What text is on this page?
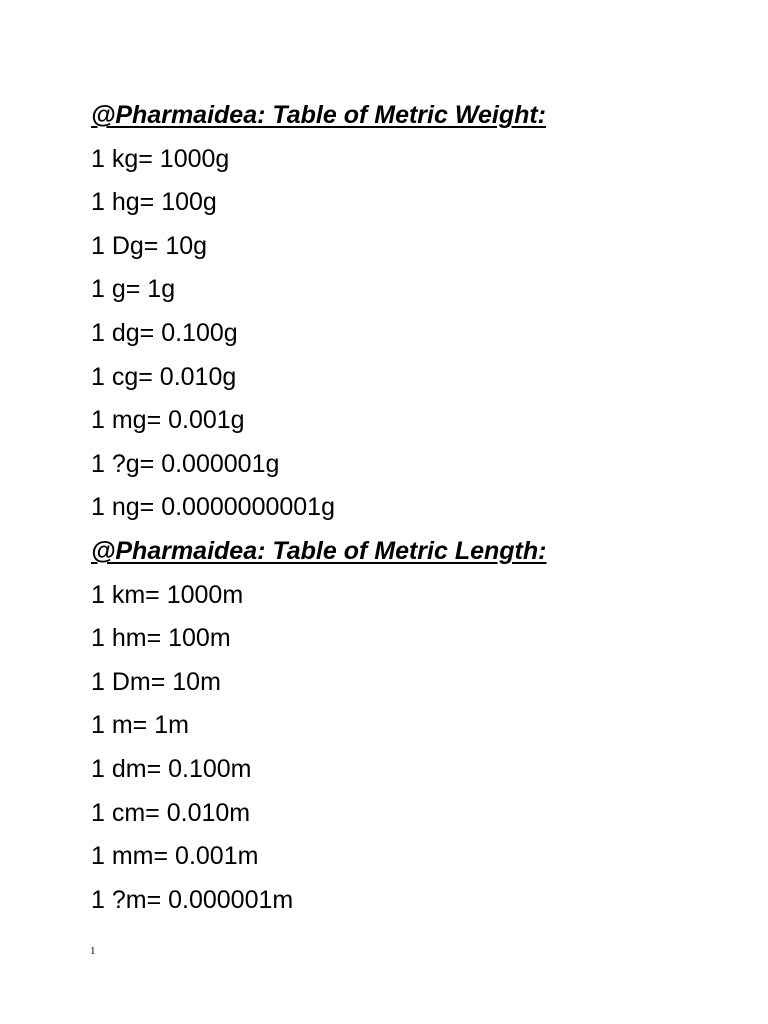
@Pharmaidea: Table of Metric Weight:
1 kg= 1000g
1 hg= 100g
1 Dg= 10g
1 g= 1g
1 dg= 0.100g
1 cg= 0.010g
1 mg= 0.001g
1 ?g= 0.000001g
1 ng= 0.0000000001g
@Pharmaidea: Table of Metric Length:
1 km= 1000m
1 hm= 100m
1 Dm= 10m
1 m= 1m
1 dm= 0.100m
1 cm= 0.010m
1 mm= 0.001m
1 ?m= 0.000001m
1
